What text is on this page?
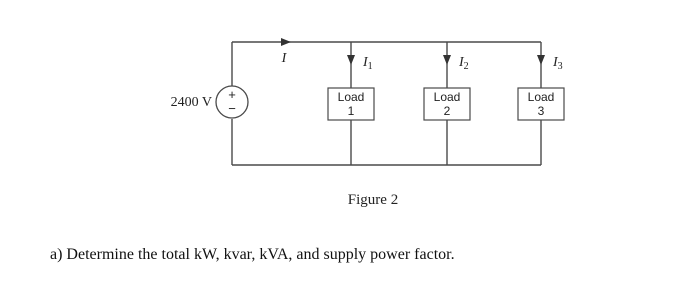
+
−
2400 V
I	$I_1$	$I_2$	$I_3$
Load
1
Load
2
Load
3
Figure 2
a) Determine the total kW, kvar, kVA, and supply power factor.
